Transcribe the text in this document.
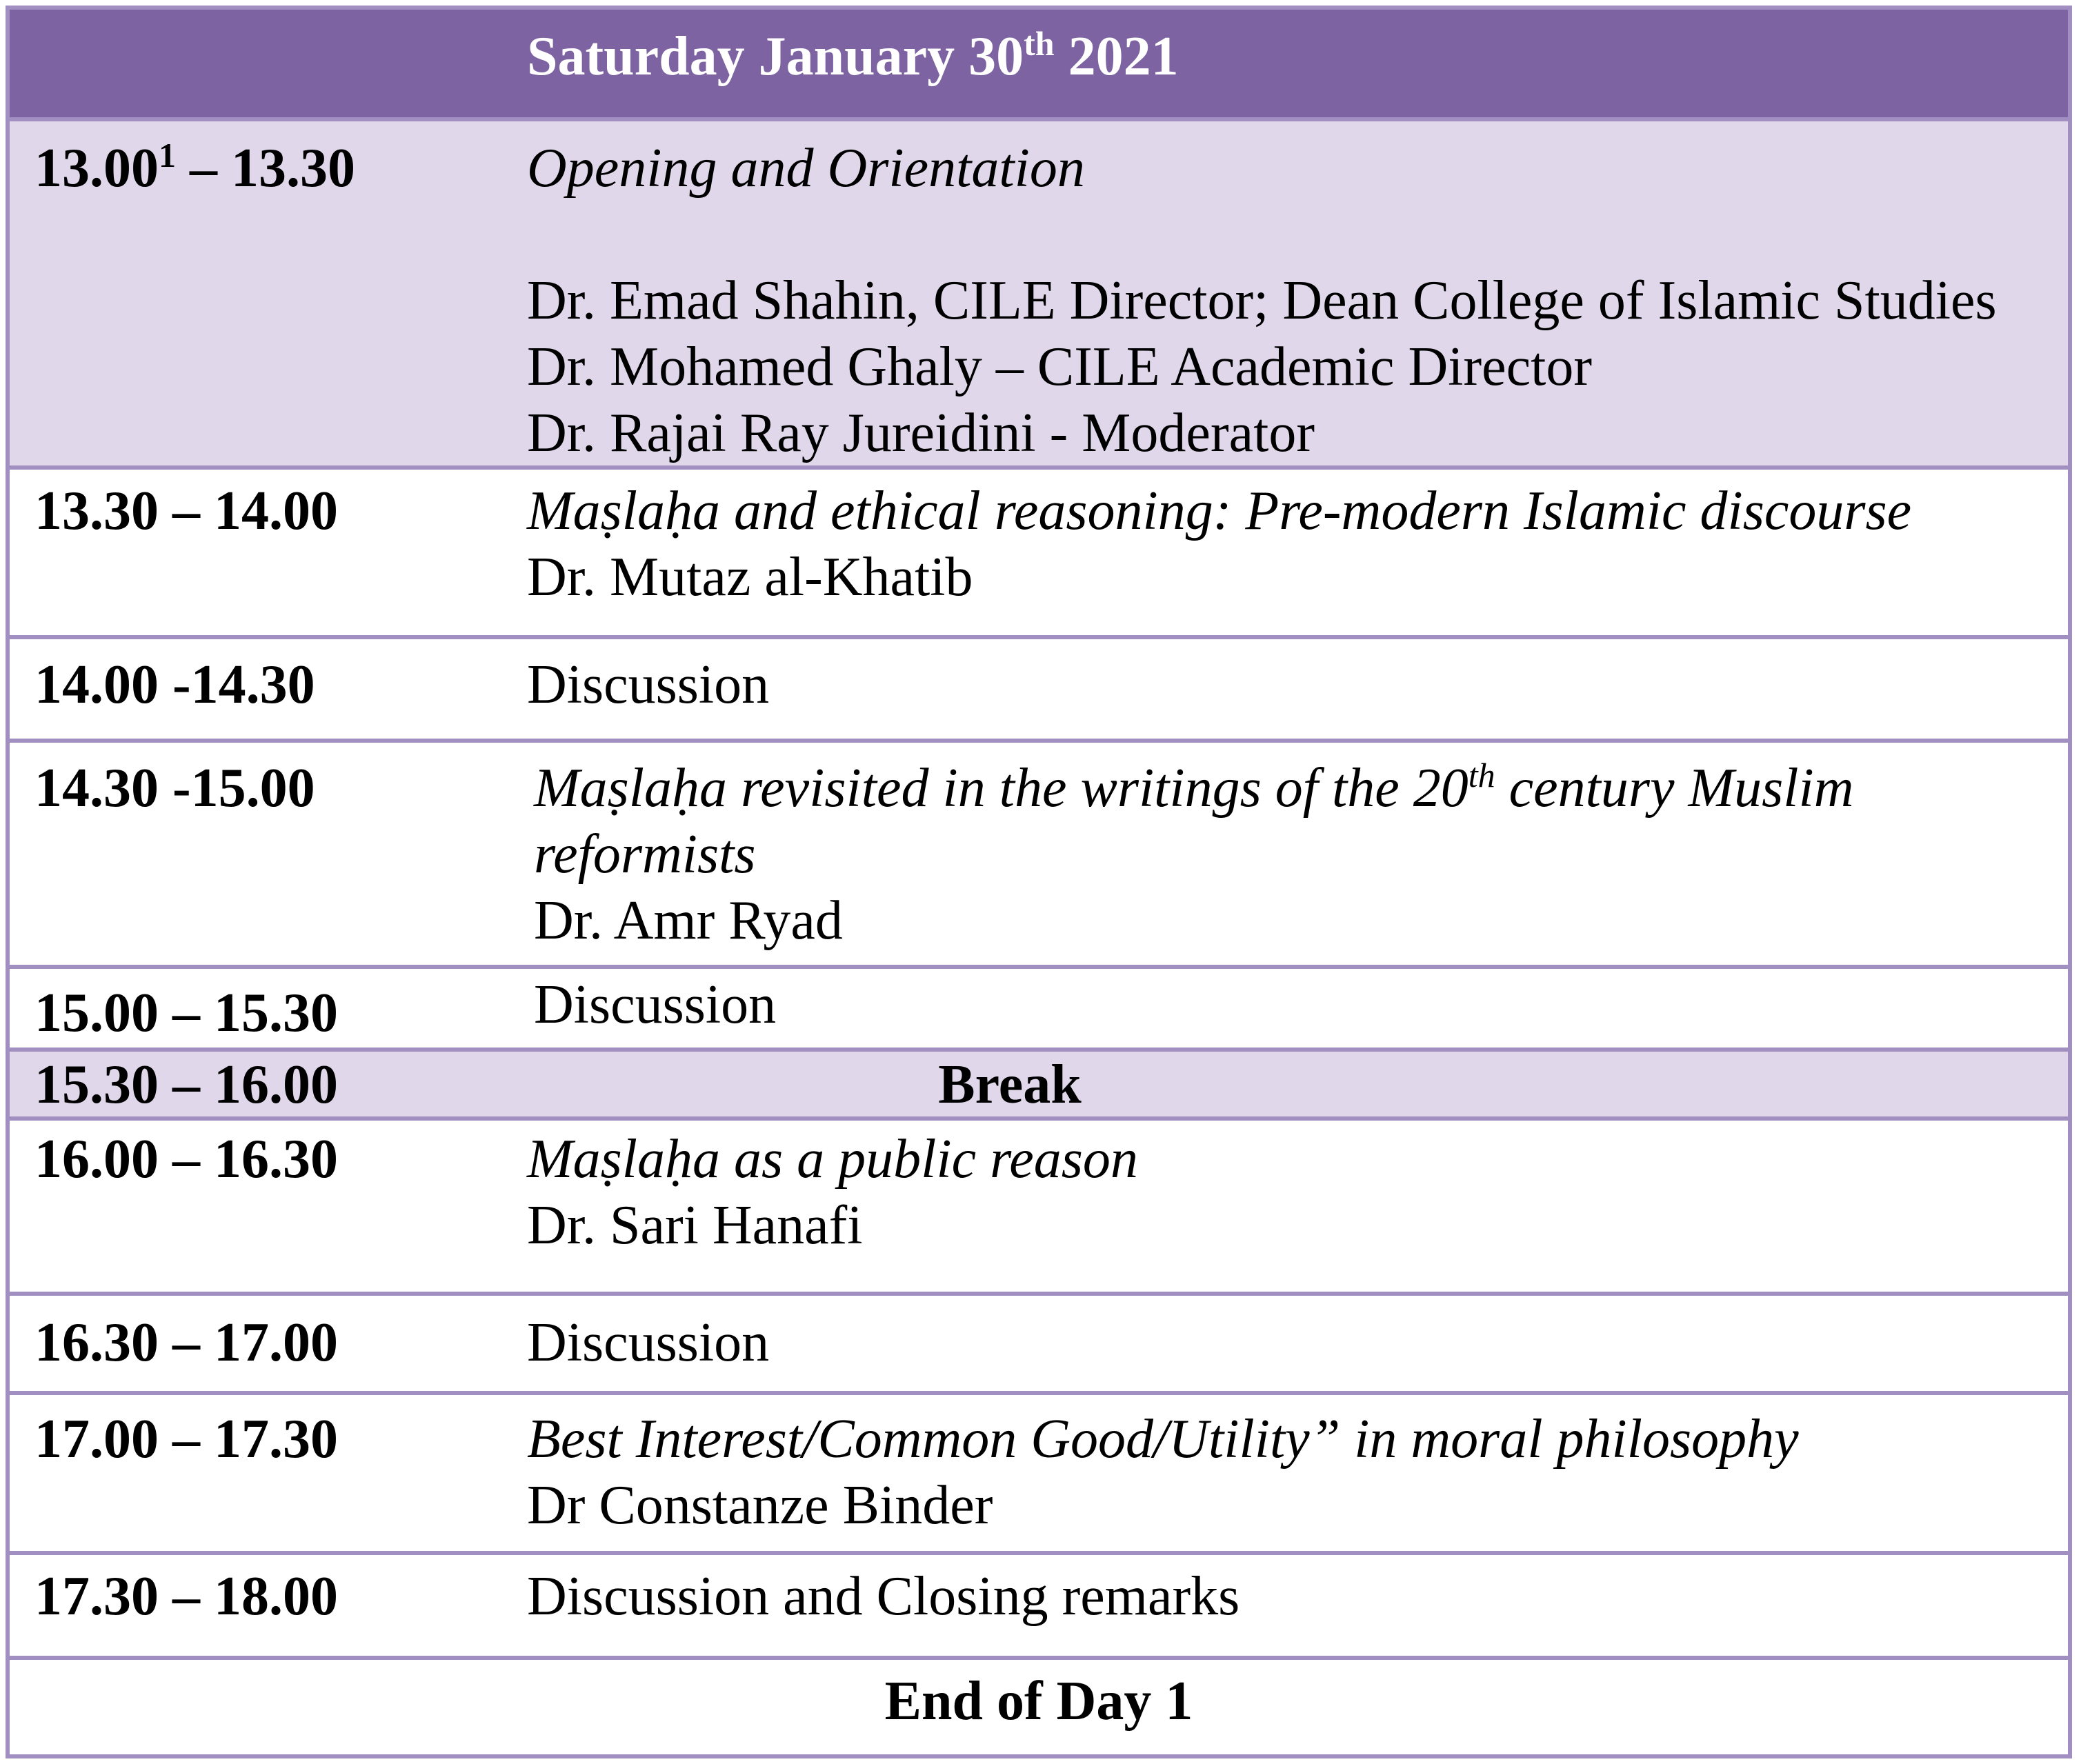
Saturday January 30th 2021
13.00$^1$ – 13.30	Opening and Orientation
Dr. Emad Shahin, CILE Director; Dean College of Islamic Studies
Dr. Mohamed Ghaly – CILE Academic Director
Dr. Rajai Ray Jureidini - Moderator
13.30 – 14.00	Maṣlaḥa and ethical reasoning: Pre-modern Islamic discourse
Dr. Mutaz al-Khatib
14.00 -14.30	Discussion
14.30 -15.00	Maṣlaḥa revisited in the writings of the 20th century Muslim
reformists
Dr. Amr Ryad
15.00 – 15.30	Discussion
15.30 – 16.00	Break
16.00 – 16.30	Maṣlaḥa as a public reason
Dr. Sari Hanafi
16.30 – 17.00	Discussion
17.00 – 17.30	Best Interest/Common Good/Utility” in moral philosophy
Dr Constanze Binder
17.30 – 18.00	Discussion and Closing remarks
End of Day 1
